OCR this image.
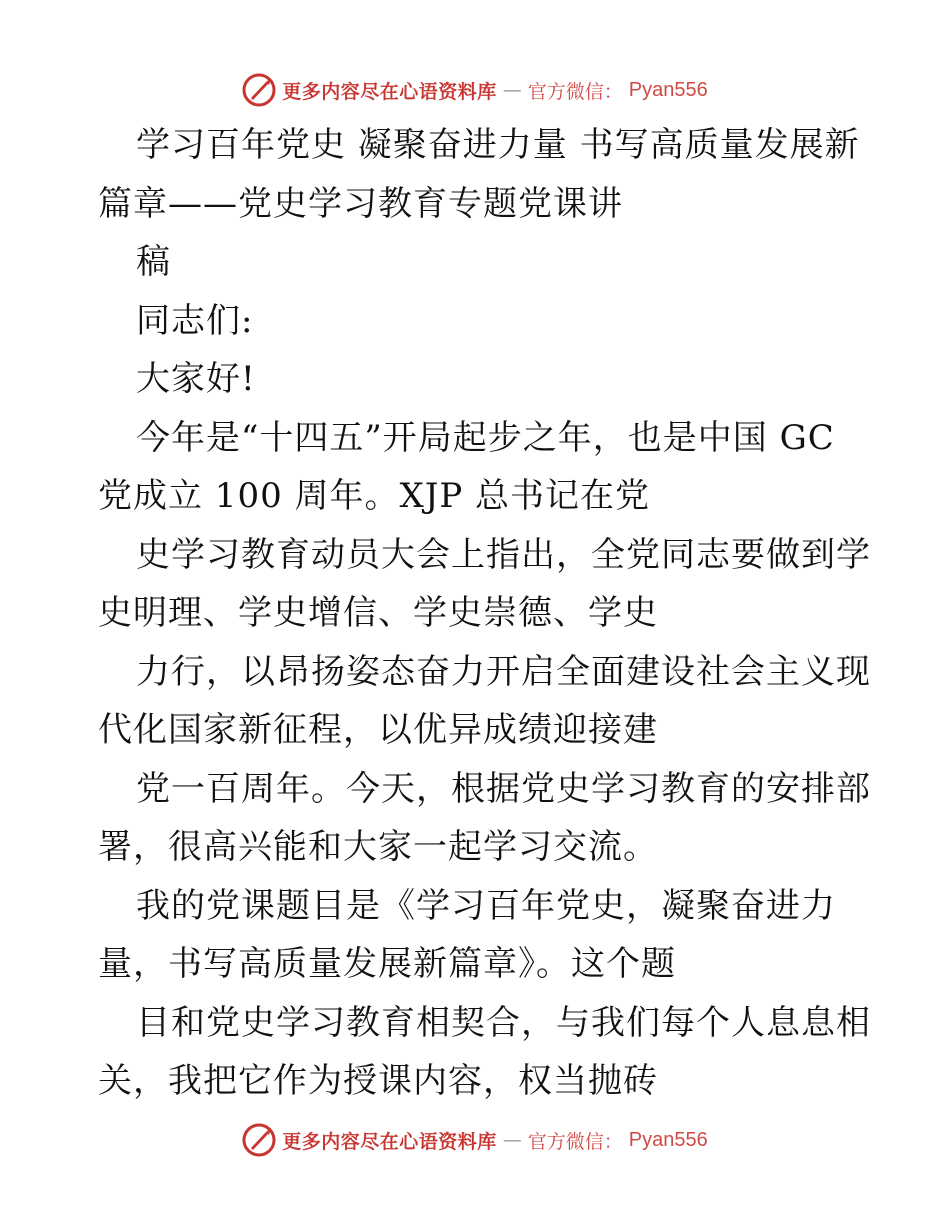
更多内容尽在心语资料库 — 官方微信： Pyan556
学习百年党史 凝聚奋进力量 书写高质量发展新
篇章——党史学习教育专题党课讲
稿
同志们:
大家好!
今年是“十四五”开局起步之年，也是中国 GC
党成立 100 周年。XJP 总书记在党
史学习教育动员大会上指出，全党同志要做到学
史明理、学史增信、学史崇德、学史
力行，以昂扬姿态奋力开启全面建设社会主义现
代化国家新征程，以优异成绩迎接建
党一百周年。今天，根据党史学习教育的安排部
署，很高兴能和大家一起学习交流。
我的党课题目是《学习百年党史，凝聚奋进力
量，书写高质量发展新篇章》。这个题
目和党史学习教育相契合，与我们每个人息息相
关，我把它作为授课内容，权当抛砖
更多内容尽在心语资料库 — 官方微信： Pyan556
